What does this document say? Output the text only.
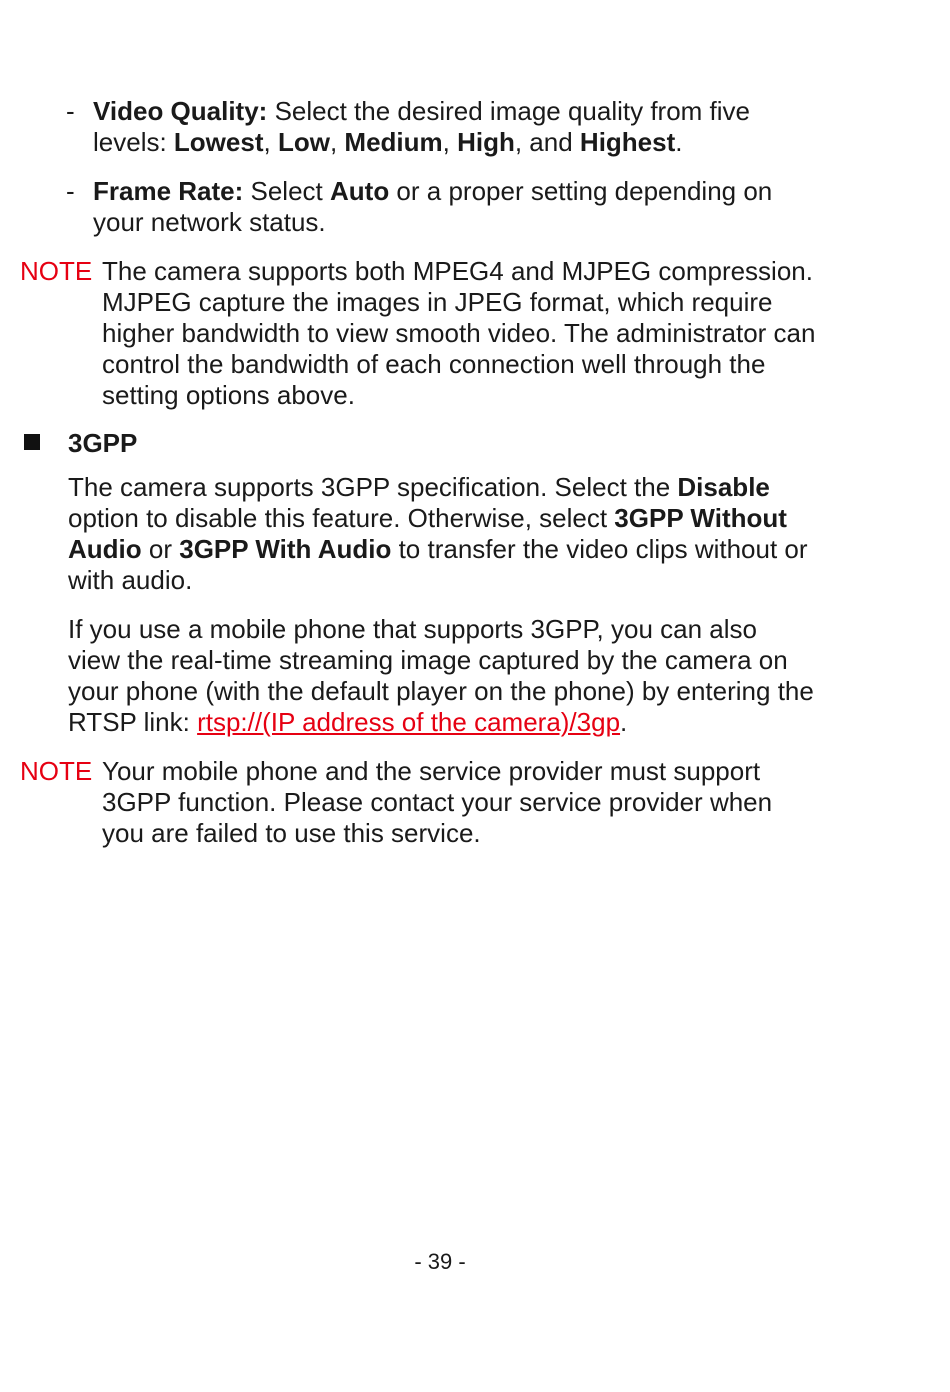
- Video Quality: Select the desired image quality from five
levels: Lowest, Low, Medium, High, and Highest.
- Frame Rate: Select Auto or a proper setting depending on
your network status.
NOTE The camera supports both MPEG4 and MJPEG compression.
MJPEG capture the images in JPEG format, which require
higher bandwidth to view smooth video. The administrator can
control the bandwidth of each connection well through the
setting options above.
3GPP
The camera supports 3GPP specification. Select the Disable
option to disable this feature. Otherwise, select 3GPP Without
Audio or 3GPP With Audio to transfer the video clips without or
with audio.
If you use a mobile phone that supports 3GPP, you can also
view the real-time streaming image captured by the camera on
your phone (with the default player on the phone) by entering the
RTSP link: rtsp://(IP address of the camera)/3gp.
NOTE Your mobile phone and the service provider must support
3GPP function. Please contact your service provider when
you are failed to use this service.
- 39 -
